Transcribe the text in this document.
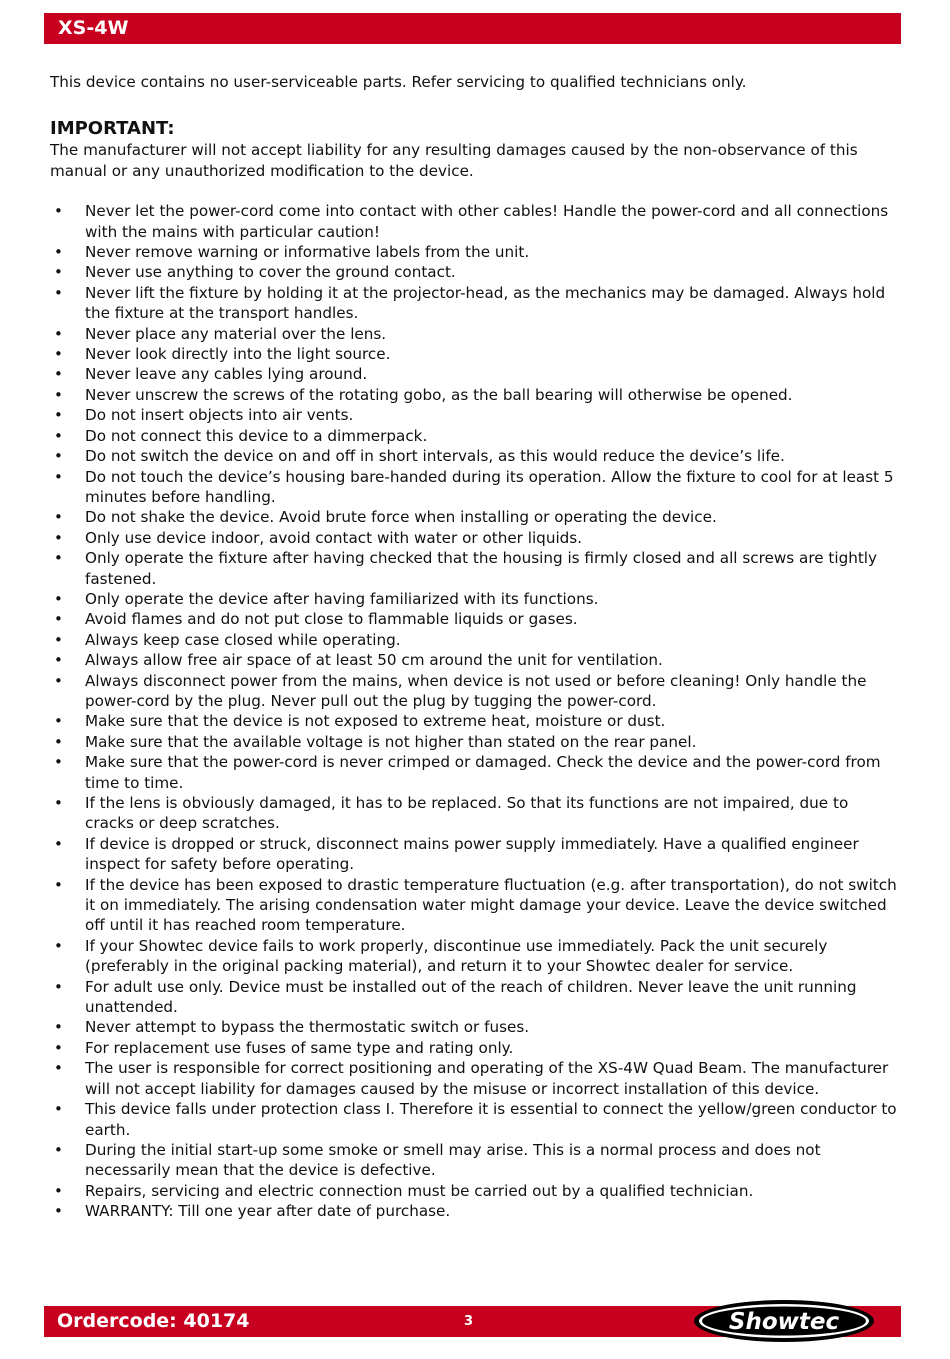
XS-4W

This device contains no user-serviceable parts. Refer servicing to qualified technicians only.

IMPORTANT:

The manufacturer will not accept liability for any resulting damages caused by the non-observance of this manual or any unauthorized modification to the device.

• Never let the power-cord come into contact with other cables! Handle the power-cord and all connections with the mains with particular caution!
• Never remove warning or informative labels from the unit.
• Never use anything to cover the ground contact.
• Never lift the fixture by holding it at the projector-head, as the mechanics may be damaged. Always hold the fixture at the transport handles.
• Never place any material over the lens.
• Never look directly into the light source.
• Never leave any cables lying around.
• Never unscrew the screws of the rotating gobo, as the ball bearing will otherwise be opened.
• Do not insert objects into air vents.
• Do not connect this device to a dimmerpack.
• Do not switch the device on and off in short intervals, as this would reduce the device’s life.
• Do not touch the device’s housing bare-handed during its operation. Allow the fixture to cool for at least 5 minutes before handling.
• Do not shake the device. Avoid brute force when installing or operating the device.
• Only use device indoor, avoid contact with water or other liquids.
• Only operate the fixture after having checked that the housing is firmly closed and all screws are tightly fastened.
• Only operate the device after having familiarized with its functions.
• Avoid flames and do not put close to flammable liquids or gases.
• Always keep case closed while operating.
• Always allow free air space of at least 50 cm around the unit for ventilation.
• Always disconnect power from the mains, when device is not used or before cleaning! Only handle the power-cord by the plug. Never pull out the plug by tugging the power-cord.
• Make sure that the device is not exposed to extreme heat, moisture or dust.
• Make sure that the available voltage is not higher than stated on the rear panel.
• Make sure that the power-cord is never crimped or damaged. Check the device and the power-cord from time to time.
• If the lens is obviously damaged, it has to be replaced. So that its functions are not impaired, due to cracks or deep scratches.
• If device is dropped or struck, disconnect mains power supply immediately. Have a qualified engineer inspect for safety before operating.
• If the device has been exposed to drastic temperature fluctuation (e.g. after transportation), do not switch it on immediately. The arising condensation water might damage your device. Leave the device switched off until it has reached room temperature.
• If your Showtec device fails to work properly, discontinue use immediately. Pack the unit securely (preferably in the original packing material), and return it to your Showtec dealer for service.
• For adult use only. Device must be installed out of the reach of children. Never leave the unit running unattended.
• Never attempt to bypass the thermostatic switch or fuses.
• For replacement use fuses of same type and rating only.
• The user is responsible for correct positioning and operating of the XS-4W Quad Beam. The manufacturer will not accept liability for damages caused by the misuse or incorrect installation of this device.
• This device falls under protection class I. Therefore it is essential to connect the yellow/green conductor to earth.
• During the initial start-up some smoke or smell may arise. This is a normal process and does not necessarily mean that the device is defective.
• Repairs, servicing and electric connection must be carried out by a qualified technician.
• WARRANTY: Till one year after date of purchase.
Ordercode: 40174	3	Showtec
